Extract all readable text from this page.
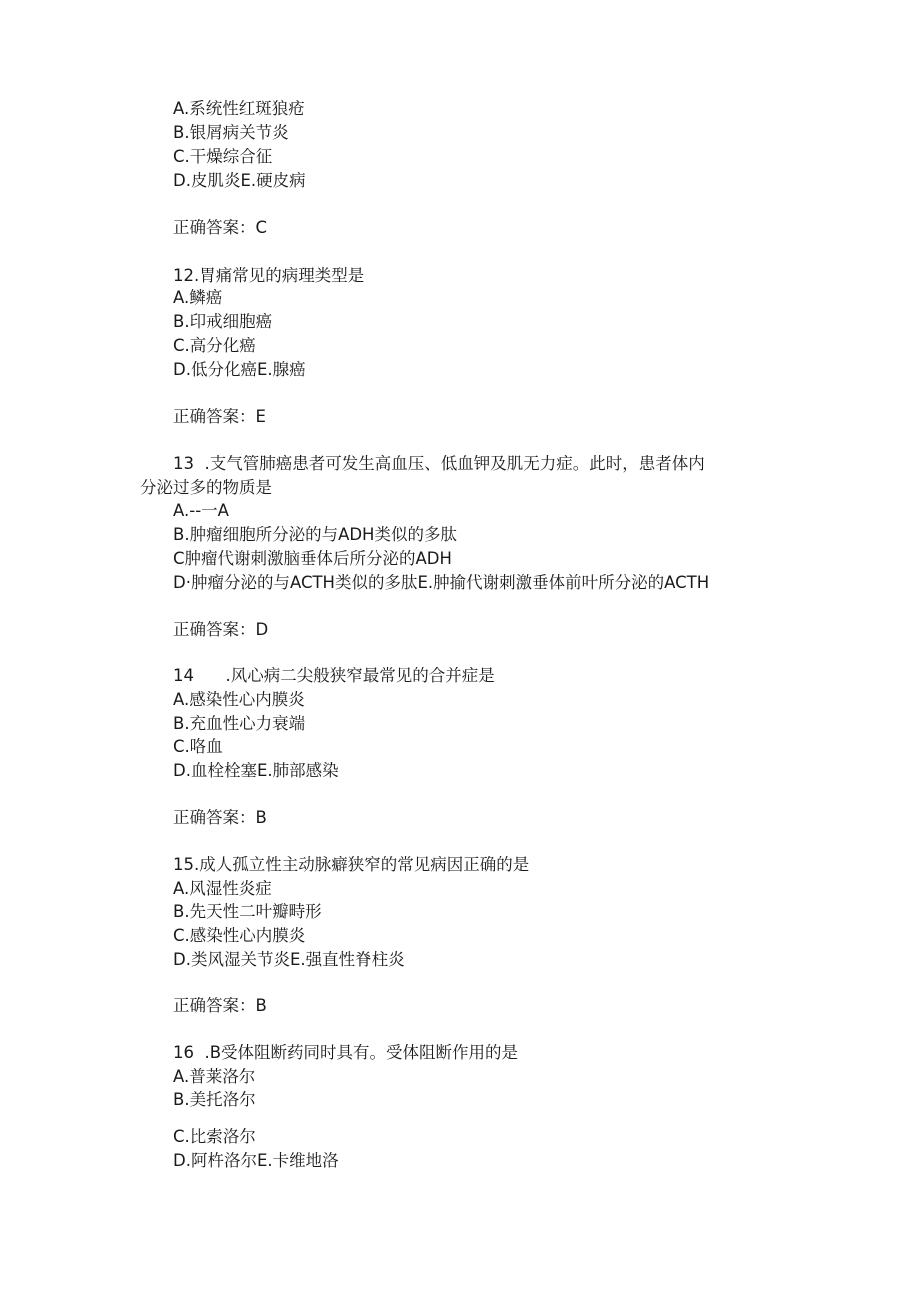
A.系统性红斑狼疮
B.银屑病关节炎
C.干燥综合征
D.皮肌炎E.硬皮病
正确答案：C
12.胃痛常见的病理类型是
A.鳞癌
B.印戒细胞癌
C.高分化癌
D.低分化癌E.腺癌
正确答案：E
13  .支气管肺癌患者可发生高血压、低血钾及肌无力症。此时，患者体内
分泌过多的物质是
A.--一A
B.肿瘤细胞所分泌的与ADH类似的多肽
C肿瘤代谢刺激脑垂体后所分泌的ADH
D·肿瘤分泌的与ACTH类似的多肽E.肿揄代谢刺激垂体前叶所分泌的ACTH
正确答案：D
14      .风心病二尖般狭窄最常见的合并症是
A.感染性心内膜炎
B.充血性心力衰端
C.咯血
D.血栓栓塞E.肺部感染
正确答案：B
15.成人孤立性主动脉癖狭窄的常见病因正确的是
A.风湿性炎症
B.先天性二叶瓣畤形
C.感染性心内膜炎
D.类风湿关节炎E.强直性脊柱炎
正确答案：B
16  .B受体阻断药同时具有。受体阻断作用的是
A.普莱洛尔
B.美托洛尔
C.比索洛尔
D.阿杵洛尔E.卡维地洛
